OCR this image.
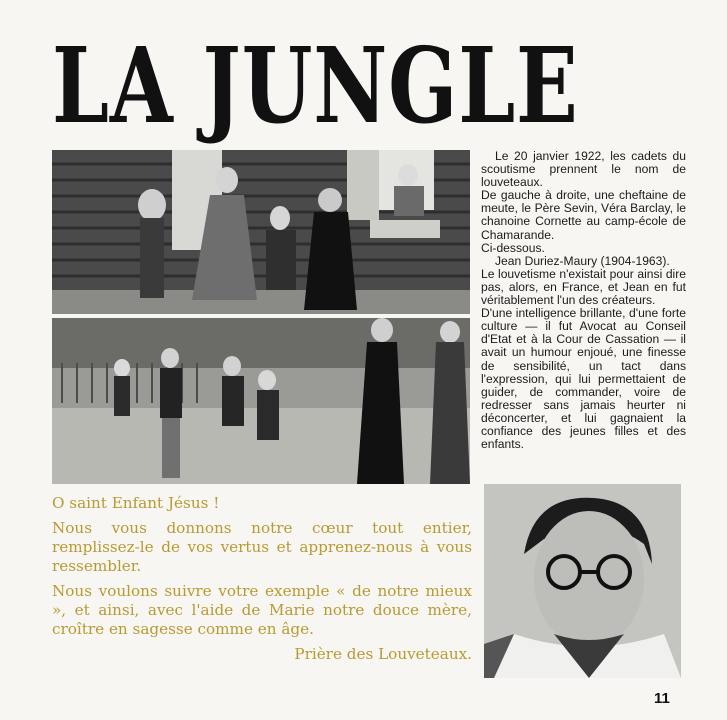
LA JUNGLE

Le 20 janvier 1922, les cadets du scoutisme prennent le nom de louveteaux.

De gauche à droite, une cheftaine de meute, le Père Sevin, Véra Barclay, le chanoine Cornette au camp-école de Chamarande.

Ci-dessous.

Jean Duriez-Maury (1904-1963).

Le louvetisme n'existait pour ainsi dire pas, alors, en France, et Jean en fut véritablement l'un des créateurs.

D'une intelligence brillante, d'une forte culture — il fut Avocat au Conseil d'Etat et à la Cour de Cassation — il avait un humour enjoué, une finesse de sensibilité, un tact dans l'expression, qui lui permettaient de guider, de commander, voire de redresser sans jamais heurter ni déconcerter, et lui gagnaient la confiance des jeunes filles et des enfants.

O saint Enfant Jésus !

Nous vous donnons notre cœur tout entier, remplissez-le de vos vertus et apprenez-nous à vous ressembler.

Nous voulons suivre votre exemple « de notre mieux », et ainsi, avec l'aide de Marie notre douce mère, croître en sagesse comme en âge.

Prière des Louveteaux.

11
